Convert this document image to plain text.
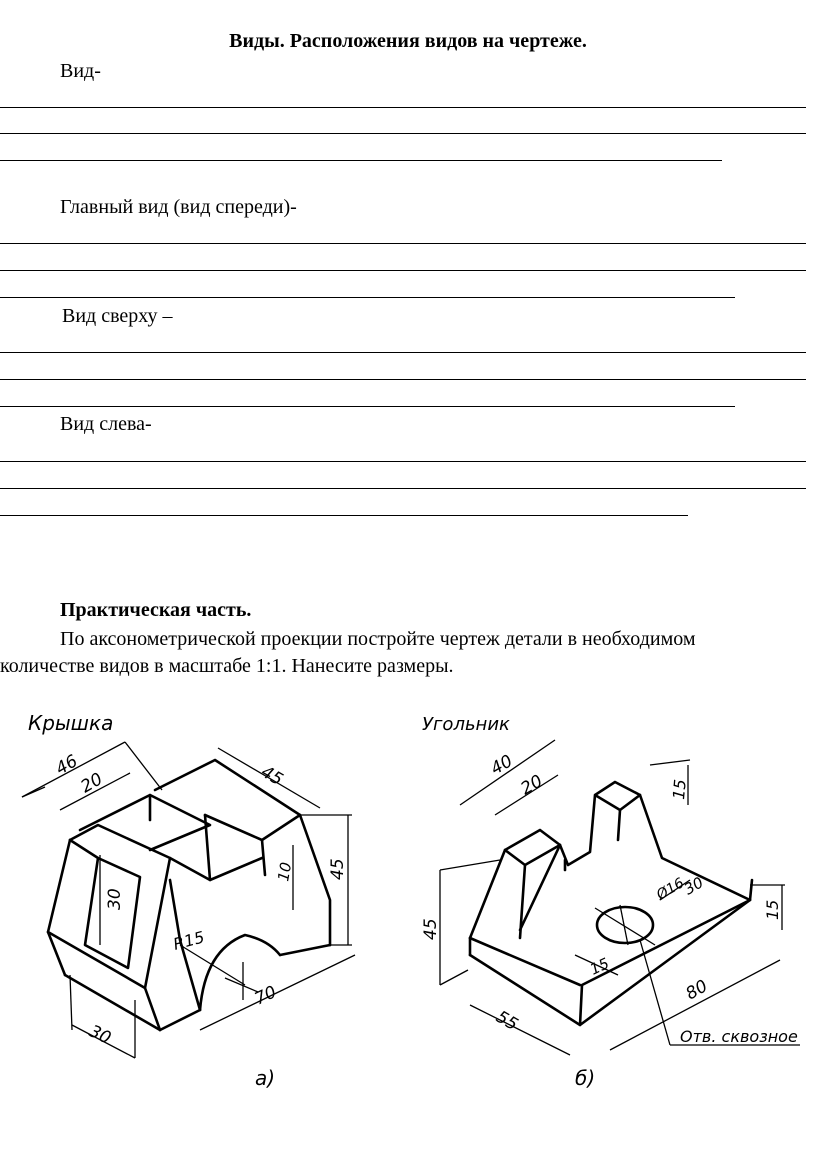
Виды. Расположения видов на чертеже.
Вид-
Главный вид (вид спереди)-
Вид сверху –
Вид слева-
Практическая часть.
По аксонометрической проекции постройте чертеж детали в необходимом
количестве видов в масштабе 1:1. Нанесите размеры.
46
20	45
45
10
30
30
R15
70
Крышка
а)
40
20	15
45
30
Ø16
15
15
80
55
Угольник
Отв. сквозное
б)
